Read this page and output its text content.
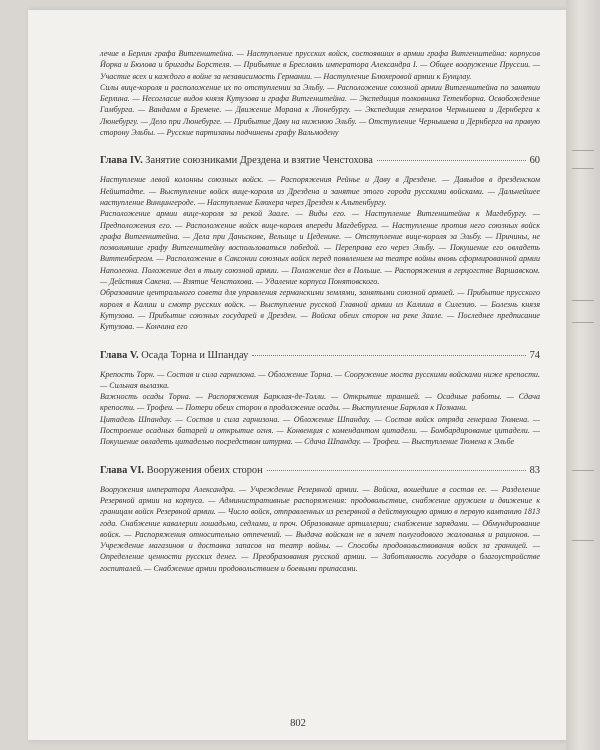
лечие в Берлин графа Витгенштейна. — Наступление прусских войск, состоявших в армии графа Витгенштейна: корпусов Йорка и Бюлова и бригады Борстеля. — Прибытие в Бреславль императора Александра I. — Общее вооружение Пруссии. — Участие всех и каждого в войне за независимость Германии. — Наступление Блюхеровой армии к Бунцлау.

Силы вице-короля и расположение их по отступлении за Эльбу. — Расположение союзной армии Витгенштейна по занятии Берлина. — Несогласие видов князя Кутузова и графа Витгенштейна. — Экспедиция полковника Тетенборна. Освобождение Гамбурга. — Вандамм в Бремене. — Движение Морана к Люнебургу. — Экспедиция генералов Чернышева и Дернберга к Люнебургу. — Дело при Люнебурге. — Прибытие Даву на нижнюю Эльбу. — Отступление Чернышева и Дернберга на правую сторону Эльбы. — Русские партизаны подчинены графу Вальмодену

Глава IV.
Занятие союзниками Дрездена и взятие Ченстохова	60

Наступление левой колонны союзных войск. — Распоряжения Рейнье и Даву в Дрездене. — Давыдов в дрезденском Нейштадте. — Выступление войск вице-короля из Дрездена и занятие этого города русскими войсками. — Дальнейшее наступление Винцингероде. — Наступление Блюхера через Дрезден к Альтенбургу.

Расположение армии вице-короля за рекой Заале. — Виды его. — Наступление Витгенштейна к Магдебургу. — Предположения его. — Расположение войск вице-короля впереди Магдебурга. — Наступление против него союзных войск графа Витгенштейна. — Дела при Даньскове, Вельице и Цеденике. — Отступление вице-короля за Эльбу. — Причины, не позволившие графу Витгенштейну воспользоваться победой. — Переправа его через Эльбу. — Покушение его овладеть Виттенбергом. — Расположение в Саксонии союзных войск перед появлением на театре войны вновь сформированной армии Наполеона. Положение дел в тылу союзной армии. — Положение дел в Польше. — Распоряжения в герцогстве Варшавском. — Действия Сакена. — Взятие Ченстохова. — Удаление корпуса Понятовского.

Образование центрального совета для управления германскими землями, занятыми союзной армией. — Прибытие прусского короля в Калиш и смотр русских войск. — Выступление русской Главной армии из Калиша в Силезию. — Болезнь князя Кутузова. — Прибытие союзных государей в Дрезден. — Войска обеих сторон на реке Заале. — Последнее предписание Кутузова. — Кончина его

Глава V.
Осада Торна и Шпандау	74

Крепость Торн. — Состав и сила гарнизона. — Обложение Торна. — Сооружение моста русскими войсками ниже крепости. — Сильная вылазка.

Важность осады Торна. — Распоряжения Барклая-де-Толли. — Открытие траншей. — Осадные работы. — Сдача крепости. — Трофеи. — Потери обеих сторон в продолжение осады. — Выступление Барклая к Познани.

Цитадель Шпандау. — Состав и сила гарнизона. — Обложение Шпандау. — Состав войск отряда генерала Тюмена. — Построение осадных батарей и открытие огня. — Конвенция с комендантом цитадели. — Бомбардирование цитадели. — Покушение овладеть цитаделью посредством штурма. — Сдача Шпандау. — Трофеи. — Выступление Тюмена к Эльбе

Глава VI.
Вооружения обеих сторон	83

Вооружения императора Александра. — Учреждение Резервной армии. — Войска, вошедшие в состав ее. — Разделение Резервной армии на корпуса. — Административные распоряжения: продовольствие, снабжение оружием и движение к границам войск Резервной армии. — Число войск, отправленных из резервной в действующую армию в первую кампанию 1813 года. Снабжение кавалерии лошадьми, седлами, и проч. Образование артиллерии; снабжение зарядами. — Обмундирование войск. — Распоряжения относительно отпечений. — Выдача войскам не в зачет полугодового жалованья и рационов. — Учреждение магазинов и доставка запасов на театр войны. — Способы продовольствования войск за границей. — Определение ценности русских денег. — Преобразования русской армии. — Заботливость государя о благоустройстве госпиталей. — Снабжение армии продовольствием и боевыми припасами.

802
